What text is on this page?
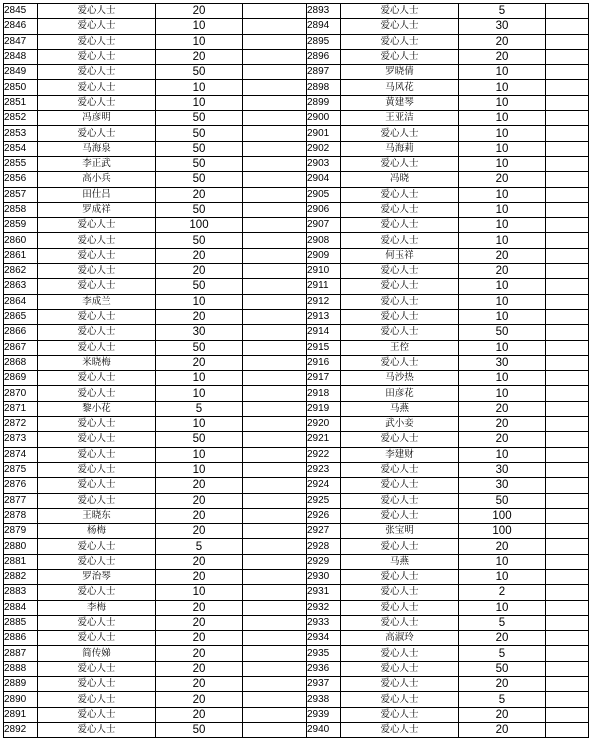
2845	爱心人士	20		2893	爱心人士	5	
2846	爱心人士	10		2894	爱心人士	30	
2847	爱心人士	10		2895	爱心人士	20	
2848	爱心人士	20		2896	爱心人士	20	
2849	爱心人士	50		2897	罗晓倩	10	
2850	爱心人士	10		2898	马风花	10	
2851	爱心人士	10		2899	黄建琴	10	
2852	冯彦明	50		2900	王亚洁	10	
2853	爱心人士	50		2901	爱心人士	10	
2854	马海泉	50		2902	马海莉	10	
2855	李正武	50		2903	爱心人士	10	
2856	高小兵	50		2904	冯晓	20	
2857	田仕吕	20		2905	爱心人士	10	
2858	罗成祥	50		2906	爱心人士	10	
2859	爱心人士	100		2907	爱心人士	10	
2860	爱心人士	50		2908	爱心人士	10	
2861	爱心人士	20		2909	何玉祥	20	
2862	爱心人士	20		2910	爱心人士	20	
2863	爱心人士	50		2911	爱心人士	10	
2864	李成兰	10		2912	爱心人士	10	
2865	爱心人士	20		2913	爱心人士	10	
2866	爱心人士	30		2914	爱心人士	50	
2867	爱心人士	50		2915	王倥	10	
2868	米晓梅	20		2916	爱心人士	30	
2869	爱心人士	10		2917	马沙热	10	
2870	爱心人士	10		2918	田彦花	10	
2871	黎小花	5		2919	马燕	20	
2872	爱心人士	10		2920	武小妾	20	
2873	爱心人士	50		2921	爱心人士	20	
2874	爱心人士	10		2922	李建财	10	
2875	爱心人士	10		2923	爱心人士	30	
2876	爱心人士	20		2924	爱心人士	30	
2877	爱心人士	20		2925	爱心人士	50	
2878	王晓东	20		2926	爱心人士	100	
2879	杨梅	20		2927	张宝明	100	
2880	爱心人士	5		2928	爱心人士	20	
2881	爱心人士	20		2929	马燕	10	
2882	罗治琴	20		2930	爱心人士	10	
2883	爱心人士	10		2931	爱心人士	2	
2884	李梅	20		2932	爱心人士	10	
2885	爱心人士	20		2933	爱心人士	5	
2886	爱心人士	20		2934	高淑玲	20	
2887	简传娣	20		2935	爱心人士	5	
2888	爱心人士	20		2936	爱心人士	50	
2889	爱心人士	20		2937	爱心人士	20	
2890	爱心人士	20		2938	爱心人士	5	
2891	爱心人士	20		2939	爱心人士	20	
2892	爱心人士	50		2940	爱心人士	20	
